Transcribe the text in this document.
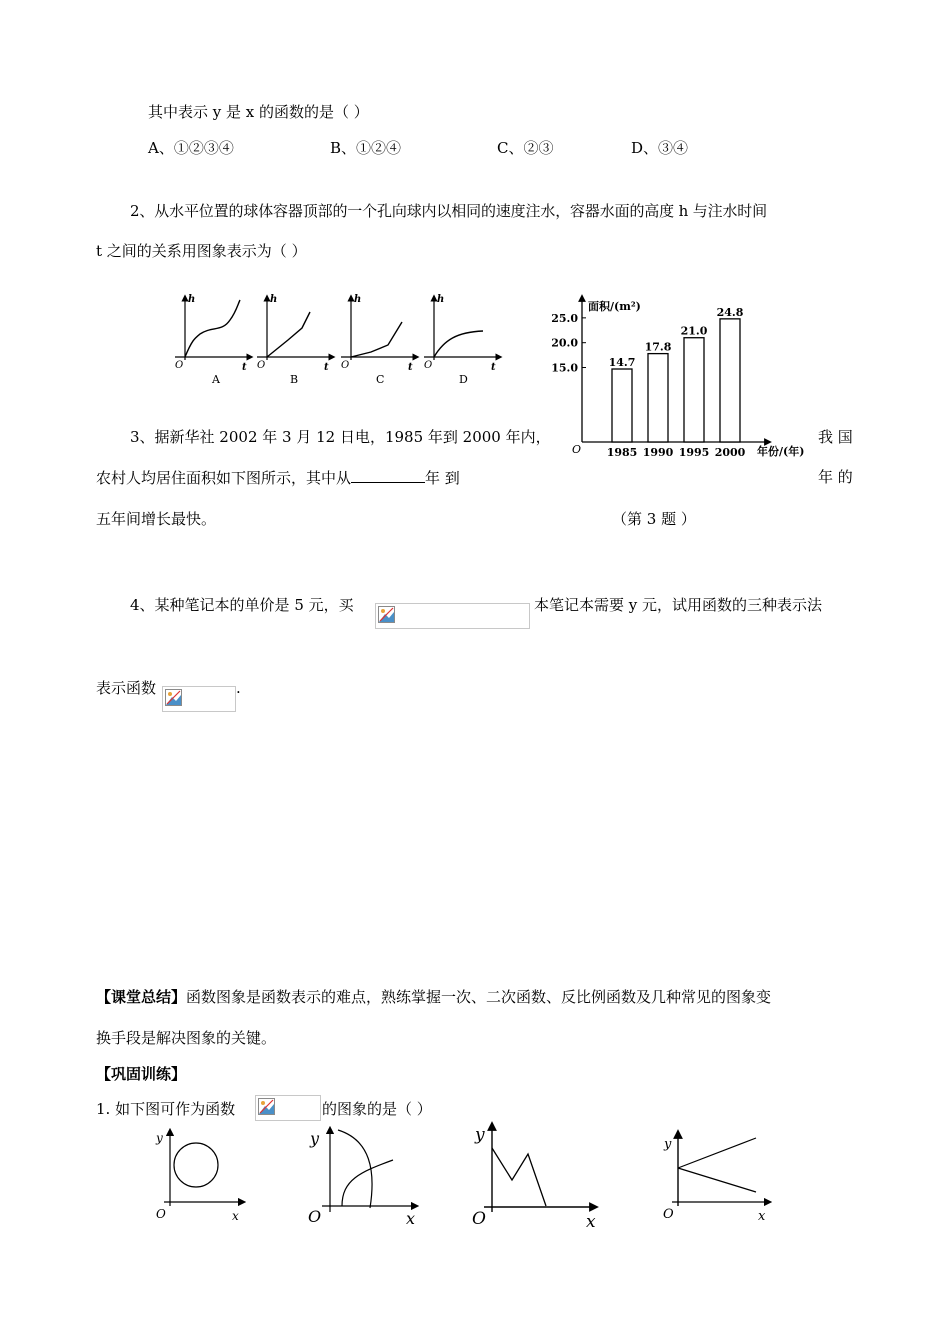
其中表示 y 是 x 的函数的是（ ）
A、①②③④	B、①②④	C、②③	D、③④
2、从水平位置的球体容器顶部的一个孔向球内以相同的速度注水，容器水面的高度 h 与注水时间
t 之间的关系用图象表示为（ ）
h
t
O
A
h
t
O
B
h
t
O
C
h
t
O
D
面积/(m²)
年份/(年)
O
15.0
20.0
25.0
14.7
1985
17.8
1990
21.0
1995
24.8
2000
3、据新华社 2002 年 3 月 12 日电，1985 年到 2000 年内，	我 国
农村人均居住面积如下图所示，其中从	年 到	年 的
五年间增长最快。	（第 3 题 ）
4、某种笔记本的单价是 5 元，买	本笔记本需要 y 元，试用函数的三种表示法
表示函数	.
【课堂总结】函数图象是函数表示的难点，熟练掌握一次、二次函数、反比例函数及几种常见的图象变
换手段是解决图象的关键。
【巩固训练】
1. 如下图可作为函数	的图象的是（ ）
y
x
O
y
x
O
y
x
O
y
x
O
